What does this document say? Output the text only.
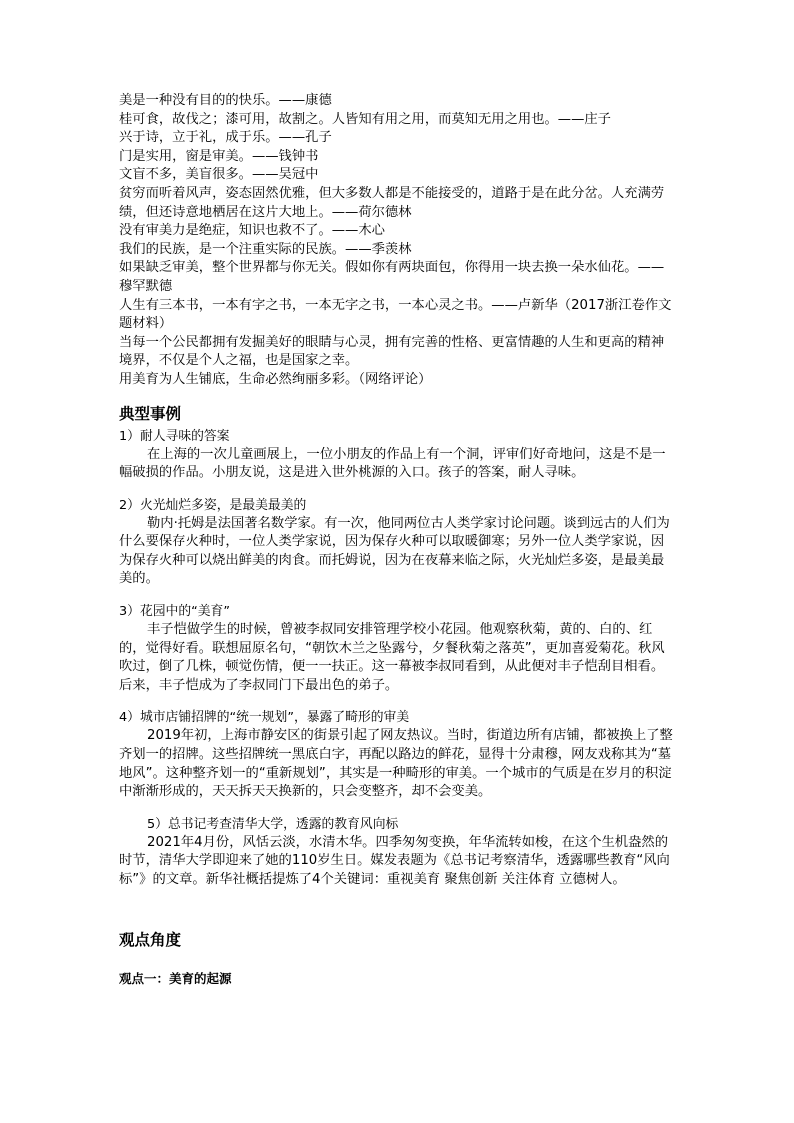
美是一种没有目的的快乐。——康德

桂可食，故伐之；漆可用，故割之。人皆知有用之用，而莫知无用之用也。——庄子

兴于诗，立于礼，成于乐。——孔子

门是实用，窗是审美。——钱钟书

文盲不多，美盲很多。——吴冠中

贫穷而听着风声，姿态固然优雅，但大多数人都是不能接受的，道路于是在此分岔。人充满劳绩，但还诗意地栖居在这片大地上。——荷尔德林

没有审美力是绝症，知识也救不了。——木心

我们的民族，是一个注重实际的民族。——季羡林

如果缺乏审美，整个世界都与你无关。假如你有两块面包，你得用一块去换一朵水仙花。——穆罕默德

人生有三本书，一本有字之书，一本无字之书，一本心灵之书。——卢新华（2017浙江卷作文题材料）

当每一个公民都拥有发掘美好的眼睛与心灵，拥有完善的性格、更富情趣的人生和更高的精神境界，不仅是个人之福，也是国家之幸。

用美育为人生铺底，生命必然绚丽多彩。（网络评论）

典型事例
1）耐人寻味的答案

在上海的一次儿童画展上，一位小朋友的作品上有一个洞，评审们好奇地问，这是不是一幅破损的作品。小朋友说，这是进入世外桃源的入口。孩子的答案，耐人寻味。

2）火光灿烂多姿，是最美最美的

勒内·托姆是法国著名数学家。有一次，他同两位古人类学家讨论问题。谈到远古的人们为什么要保存火种时，一位人类学家说，因为保存火种可以取暖御寒；另外一位人类学家说，因为保存火种可以烧出鲜美的肉食。而托姆说，因为在夜幕来临之际，火光灿烂多姿，是最美最美的。

3）花园中的“美育”

丰子恺做学生的时候，曾被李叔同安排管理学校小花园。他观察秋菊，黄的、白的、红的，觉得好看。联想屈原名句，“朝饮木兰之坠露兮，夕餐秋菊之落英”，更加喜爱菊花。秋风吹过，倒了几株，顿觉伤情，便一一扶正。这一幕被李叔同看到，从此便对丰子恺刮目相看。后来，丰子恺成为了李叔同门下最出色的弟子。

4）城市店铺招牌的“统一规划”，暴露了畸形的审美

2019年初，上海市静安区的街景引起了网友热议。当时，街道边所有店铺，都被换上了整齐划一的招牌。这些招牌统一黑底白字，再配以路边的鲜花，显得十分肃穆，网友戏称其为“墓地风”。这种整齐划一的“重新规划”，其实是一种畸形的审美。一个城市的气质是在岁月的积淀中渐渐形成的，天天拆天天换新的，只会变整齐，却不会变美。

5）总书记考查清华大学，透露的教育风向标

2021年4月份，风恬云淡，水清木华。四季匆匆变换，年华流转如梭，在这个生机盎然的时节，清华大学即迎来了她的110岁生日。媒发表题为《总书记考察清华，透露哪些教育“风向标”》的文章。新华社概括提炼了4个关键词：重视美育 聚焦创新 关注体育 立德树人。

观点角度
观点一：美育的起源
